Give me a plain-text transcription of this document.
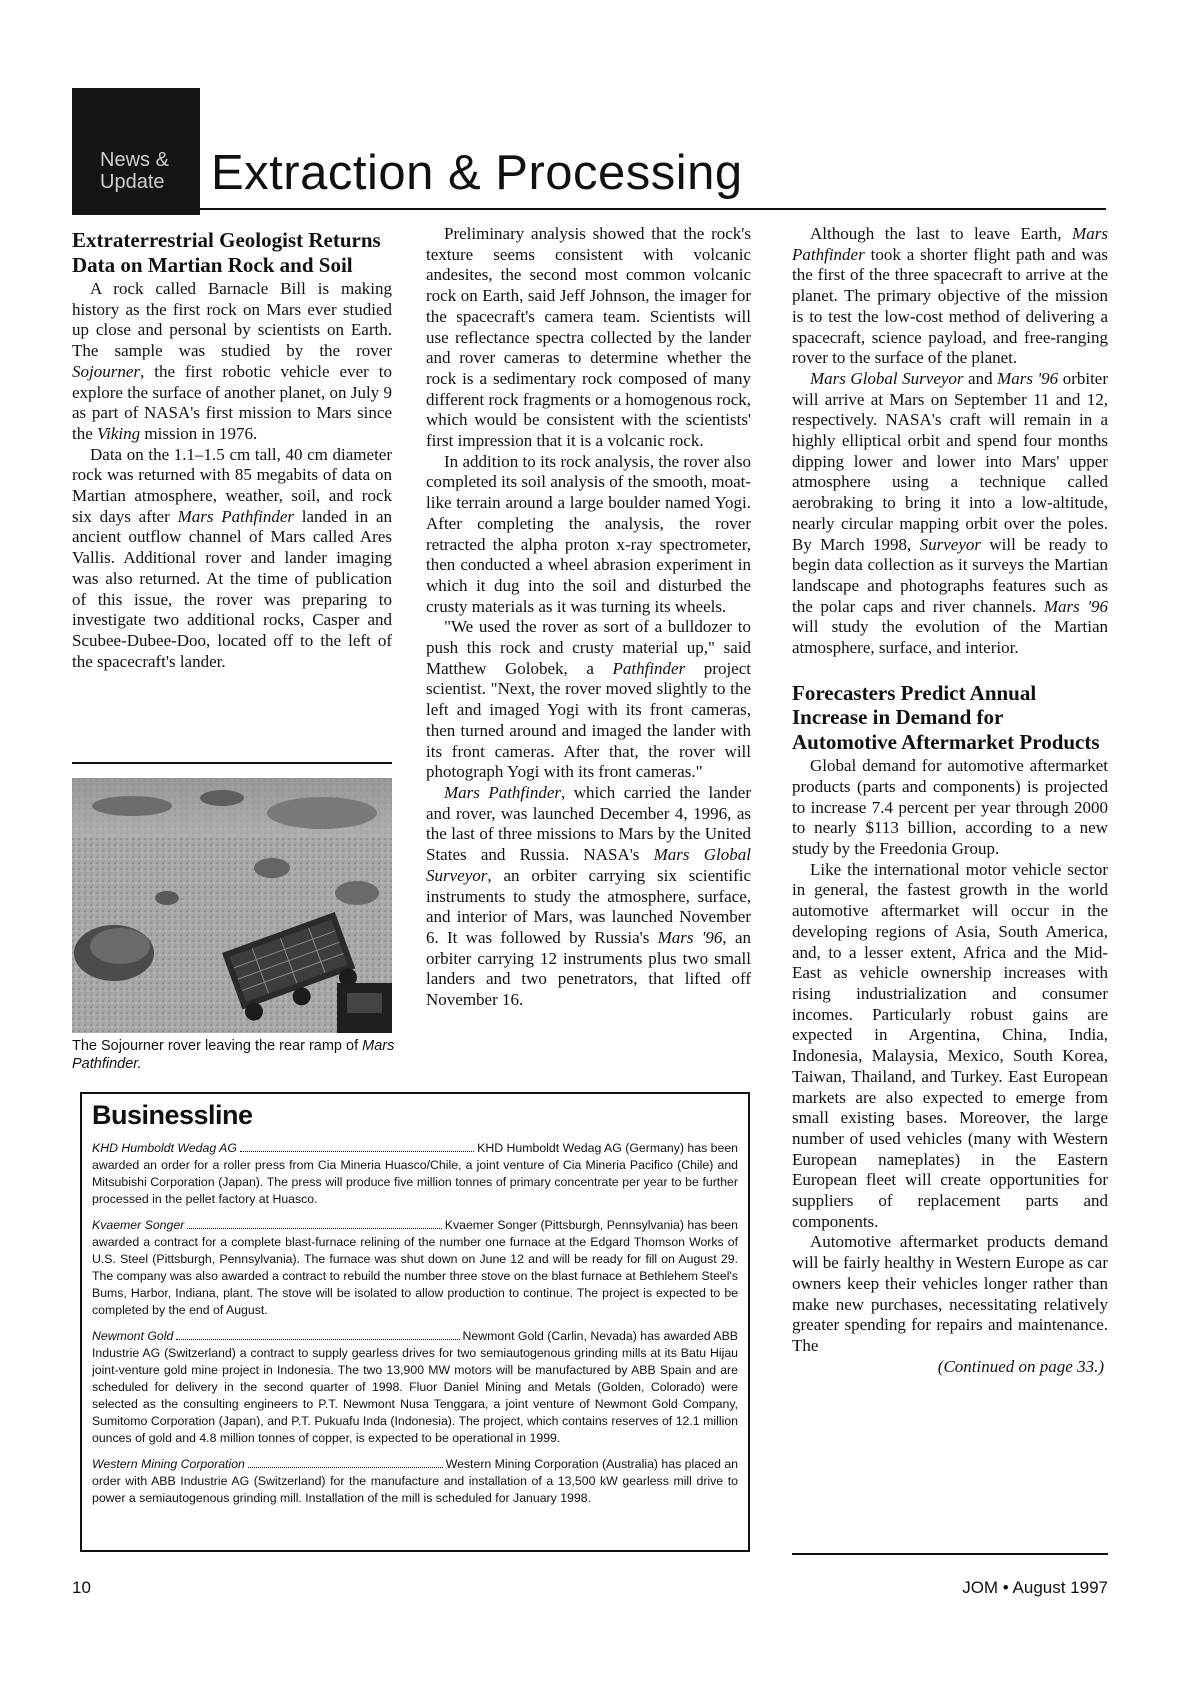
News &
Update Extraction & Processing
Extraterrestrial Geologist Returns Data on Martian Rock and Soil

A rock called Barnacle Bill is making history as the first rock on Mars ever studied up close and personal by scientists on Earth. The sample was studied by the rover Sojourner, the first robotic vehicle ever to explore the surface of another planet, on July 9 as part of NASA's first mission to Mars since the Viking mission in 1976.

Data on the 1.1–1.5 cm tall, 40 cm diameter rock was returned with 85 megabits of data on Martian atmosphere, weather, soil, and rock six days after Mars Pathfinder landed in an ancient outflow channel of Mars called Ares Vallis. Additional rover and lander imaging was also returned. At the time of publication of this issue, the rover was preparing to investigate two additional rocks, Casper and Scubee-Dubee-Doo, located off to the left of the spacecraft's lander.

The Sojourner rover leaving the rear ramp of Mars Pathfinder.

Preliminary analysis showed that the rock's texture seems consistent with volcanic andesites, the second most common volcanic rock on Earth, said Jeff Johnson, the imager for the spacecraft's camera team. Scientists will use reflectance spectra collected by the lander and rover cameras to determine whether the rock is a sedimentary rock composed of many different rock fragments or a homogenous rock, which would be consistent with the scientists' first impression that it is a volcanic rock.

In addition to its rock analysis, the rover also completed its soil analysis of the smooth, moat-like terrain around a large boulder named Yogi. After completing the analysis, the rover retracted the alpha proton x-ray spectrometer, then conducted a wheel abrasion experiment in which it dug into the soil and disturbed the crusty materials as it was turning its wheels.

"We used the rover as sort of a bulldozer to push this rock and crusty material up," said Matthew Golobek, a Pathfinder project scientist. "Next, the rover moved slightly to the left and imaged Yogi with its front cameras, then turned around and imaged the lander with its front cameras. After that, the rover will photograph Yogi with its front cameras."

Mars Pathfinder, which carried the lander and rover, was launched December 4, 1996, as the last of three missions to Mars by the United States and Russia. NASA's Mars Global Surveyor, an orbiter carrying six scientific instruments to study the atmosphere, surface, and interior of Mars, was launched November 6. It was followed by Russia's Mars '96, an orbiter carrying 12 instruments plus two small landers and two penetrators, that lifted off November 16.

Although the last to leave Earth, Mars Pathfinder took a shorter flight path and was the first of the three spacecraft to arrive at the planet. The primary objective of the mission is to test the low-cost method of delivering a spacecraft, science payload, and free-ranging rover to the surface of the planet.

Mars Global Surveyor and Mars '96 orbiter will arrive at Mars on September 11 and 12, respectively. NASA's craft will remain in a highly elliptical orbit and spend four months dipping lower and lower into Mars' upper atmosphere using a technique called aerobraking to bring it into a low-altitude, nearly circular mapping orbit over the poles. By March 1998, Surveyor will be ready to begin data collection as it surveys the Martian landscape and photographs features such as the polar caps and river channels. Mars '96 will study the evolution of the Martian atmosphere, surface, and interior.

Forecasters Predict Annual Increase in Demand for Automotive Aftermarket Products

Global demand for automotive aftermarket products (parts and components) is projected to increase 7.4 percent per year through 2000 to nearly $113 billion, according to a new study by the Freedonia Group.

Like the international motor vehicle sector in general, the fastest growth in the world automotive aftermarket will occur in the developing regions of Asia, South America, and, to a lesser extent, Africa and the Mid-East as vehicle ownership increases with rising industrialization and consumer incomes. Particularly robust gains are expected in Argentina, China, India, Indonesia, Malaysia, Mexico, South Korea, Taiwan, Thailand, and Turkey. East European markets are also expected to emerge from small existing bases. Moreover, the large number of used vehicles (many with Western European nameplates) in the Eastern European fleet will create opportunities for suppliers of replacement parts and components.

Automotive aftermarket products demand will be fairly healthy in Western Europe as car owners keep their vehicles longer rather than make new purchases, necessitating relatively greater spending for repairs and maintenance. The

(Continued on page 33.)
Businessline
KHD Humboldt Wedag AG	KHD Humboldt Wedag AG (Germany) has been
awarded an order for a roller press from Cia Mineria Huasco/Chile, a joint venture of Cia Mineria Pacifico (Chile) and Mitsubishi Corporation (Japan). The press will produce five million tonnes of primary concentrate per year to be further processed in the pellet factory at Huasco.
Kvaemer Songer	Kvaemer Songer (Pittsburgh, Pennsylvania) has been
awarded a contract for a complete blast-furnace relining of the number one furnace at the Edgard Thomson Works of U.S. Steel (Pittsburgh, Pennsylvania). The furnace was shut down on June 12 and will be ready for fill on August 29. The company was also awarded a contract to rebuild the number three stove on the blast furnace at Bethlehem Steel's Bums, Harbor, Indiana, plant. The stove will be isolated to allow production to continue. The project is expected to be completed by the end of August.
Newmont Gold	Newmont Gold (Carlin, Nevada) has awarded ABB
Industrie AG (Switzerland) a contract to supply gearless drives for two semiautogenous grinding mills at its Batu Hijau joint-venture gold mine project in Indonesia. The two 13,900 MW motors will be manufactured by ABB Spain and are scheduled for delivery in the second quarter of 1998. Fluor Daniel Mining and Metals (Golden, Colorado) were selected as the consulting engineers to P.T. Newmont Nusa Tenggara, a joint venture of Newmont Gold Company, Sumitomo Corporation (Japan), and P.T. Pukuafu Inda (Indonesia). The project, which contains reserves of 12.1 million ounces of gold and 4.8 million tonnes of copper, is expected to be operational in 1999.
Western Mining Corporation	Western Mining Corporation (Australia) has placed an
order with ABB Industrie AG (Switzerland) for the manufacture and installation of a 13,500 kW gearless mill drive to power a semiautogenous grinding mill. Installation of the mill is scheduled for January 1998.
10	JOM • August 1997
